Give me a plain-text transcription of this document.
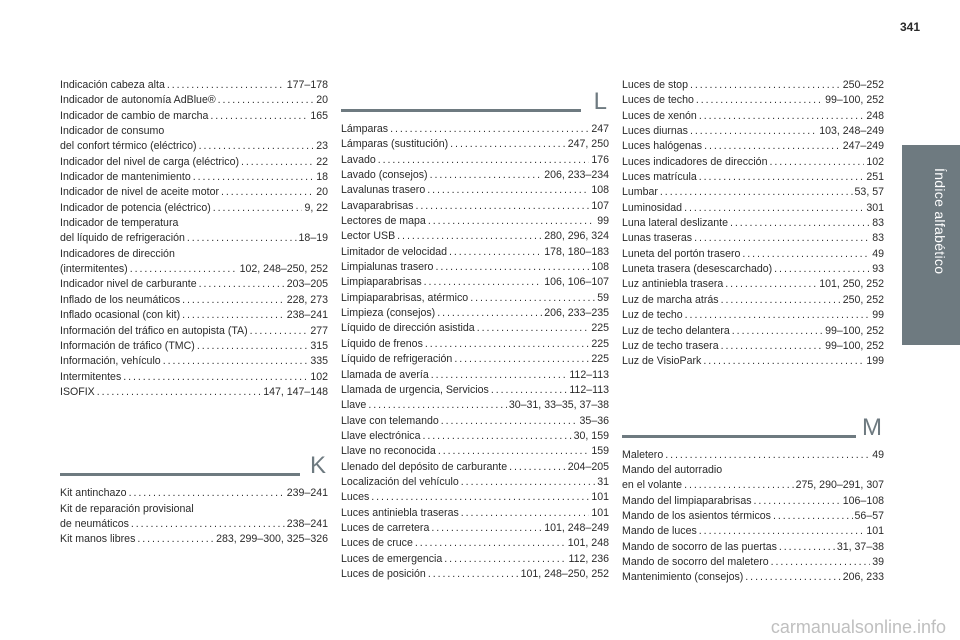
341
Índice alfabético
Indicación cabeza alta . . .	177–178
Indicador de autonomía AdBlue® . . .	20
Indicador de cambio de marcha . . .	165
Indicador de consumo
del confort térmico (eléctrico) . . .	23
Indicador del nivel de carga (eléctrico) . . .	22
Indicador de mantenimiento . . .	18
Indicador de nivel de aceite motor . . .	20
Indicador de potencia (eléctrico) . . .	9, 22
Indicador de temperatura
del líquido de refrigeración . . .	18–19
Indicadores de dirección
(intermitentes) . . .	102, 248–250, 252
Indicador nivel de carburante . . .	203–205
Inflado de los neumáticos . . .	228, 273
Inflado ocasional (con kit) . . .	238–241
Información del tráfico en autopista (TA) . . .	277
Información de tráfico (TMC) . . .	315
Información, vehículo . . .	335
Intermitentes . . .	102
ISOFIX . . .	147, 147–148
K
Kit antinchazo . . .	239–241
Kit de reparación provisional
de neumáticos . . .	238–241
Kit manos libres . . .	283, 299–300, 325–326
L
Lámparas . . .	247
Lámparas (sustitución) . . .	247, 250
Lavado . . .	176
Lavado (consejos) . . .	206, 233–234
Lavalunas trasero . . .	108
Lavaparabrisas . . .	107
Lectores de mapa . . .	99
Lector USB . . .	280, 296, 324
Limitador de velocidad . . .	178, 180–183
Limpialunas trasero . . .	108
Limpiaparabrisas . . .	106, 106–107
Limpiaparabrisas, atérmico . . .	59
Limpieza (consejos) . . .	206, 233–235
Líquido de dirección asistida . . .	225
Líquido de frenos . . .	225
Líquido de refrigeración . . .	225
Llamada de avería . . .	112–113
Llamada de urgencia, Servicios . . .	112–113
Llave . . .	30–31, 33–35, 37–38
Llave con telemando . . .	35–36
Llave electrónica . . .	30, 159
Llave no reconocida . . .	159
Llenado del depósito de carburante . . .	204–205
Localización del vehículo . . .	31
Luces . . .	101
Luces antiniebla traseras . . .	101
Luces de carretera . . .	101, 248–249
Luces de cruce . . .	101, 248
Luces de emergencia . . .	112, 236
Luces de posición . . .	101, 248–250, 252
Luces de stop . . .	250–252
Luces de techo . . .	99–100, 252
Luces de xenón . . .	248
Luces diurnas . . .	103, 248–249
Luces halógenas . . .	247–249
Luces indicadores de dirección . . .	102
Luces matrícula . . .	251
Lumbar . . .	53, 57
Luminosidad . . .	301
Luna lateral deslizante . . .	83
Lunas traseras . . .	83
Luneta del portón trasero . . .	49
Luneta trasera (desescarchado) . . .	93
Luz antiniebla trasera . . .	101, 250, 252
Luz de marcha atrás . . .	250, 252
Luz de techo . . .	99
Luz de techo delantera . . .	99–100, 252
Luz de techo trasera . . .	99–100, 252
Luz de VisioPark . . .	199
M
Maletero . . .	49
Mando del autorradio
en el volante . . .	275, 290–291, 307
Mando del limpiaparabrisas . . .	106–108
Mando de los asientos térmicos . . .	56–57
Mando de luces . . .	101
Mando de socorro de las puertas . . .	31, 37–38
Mando de socorro del maletero . . .	39
Mantenimiento (consejos) . . .	206, 233
carmanualsonline.info
